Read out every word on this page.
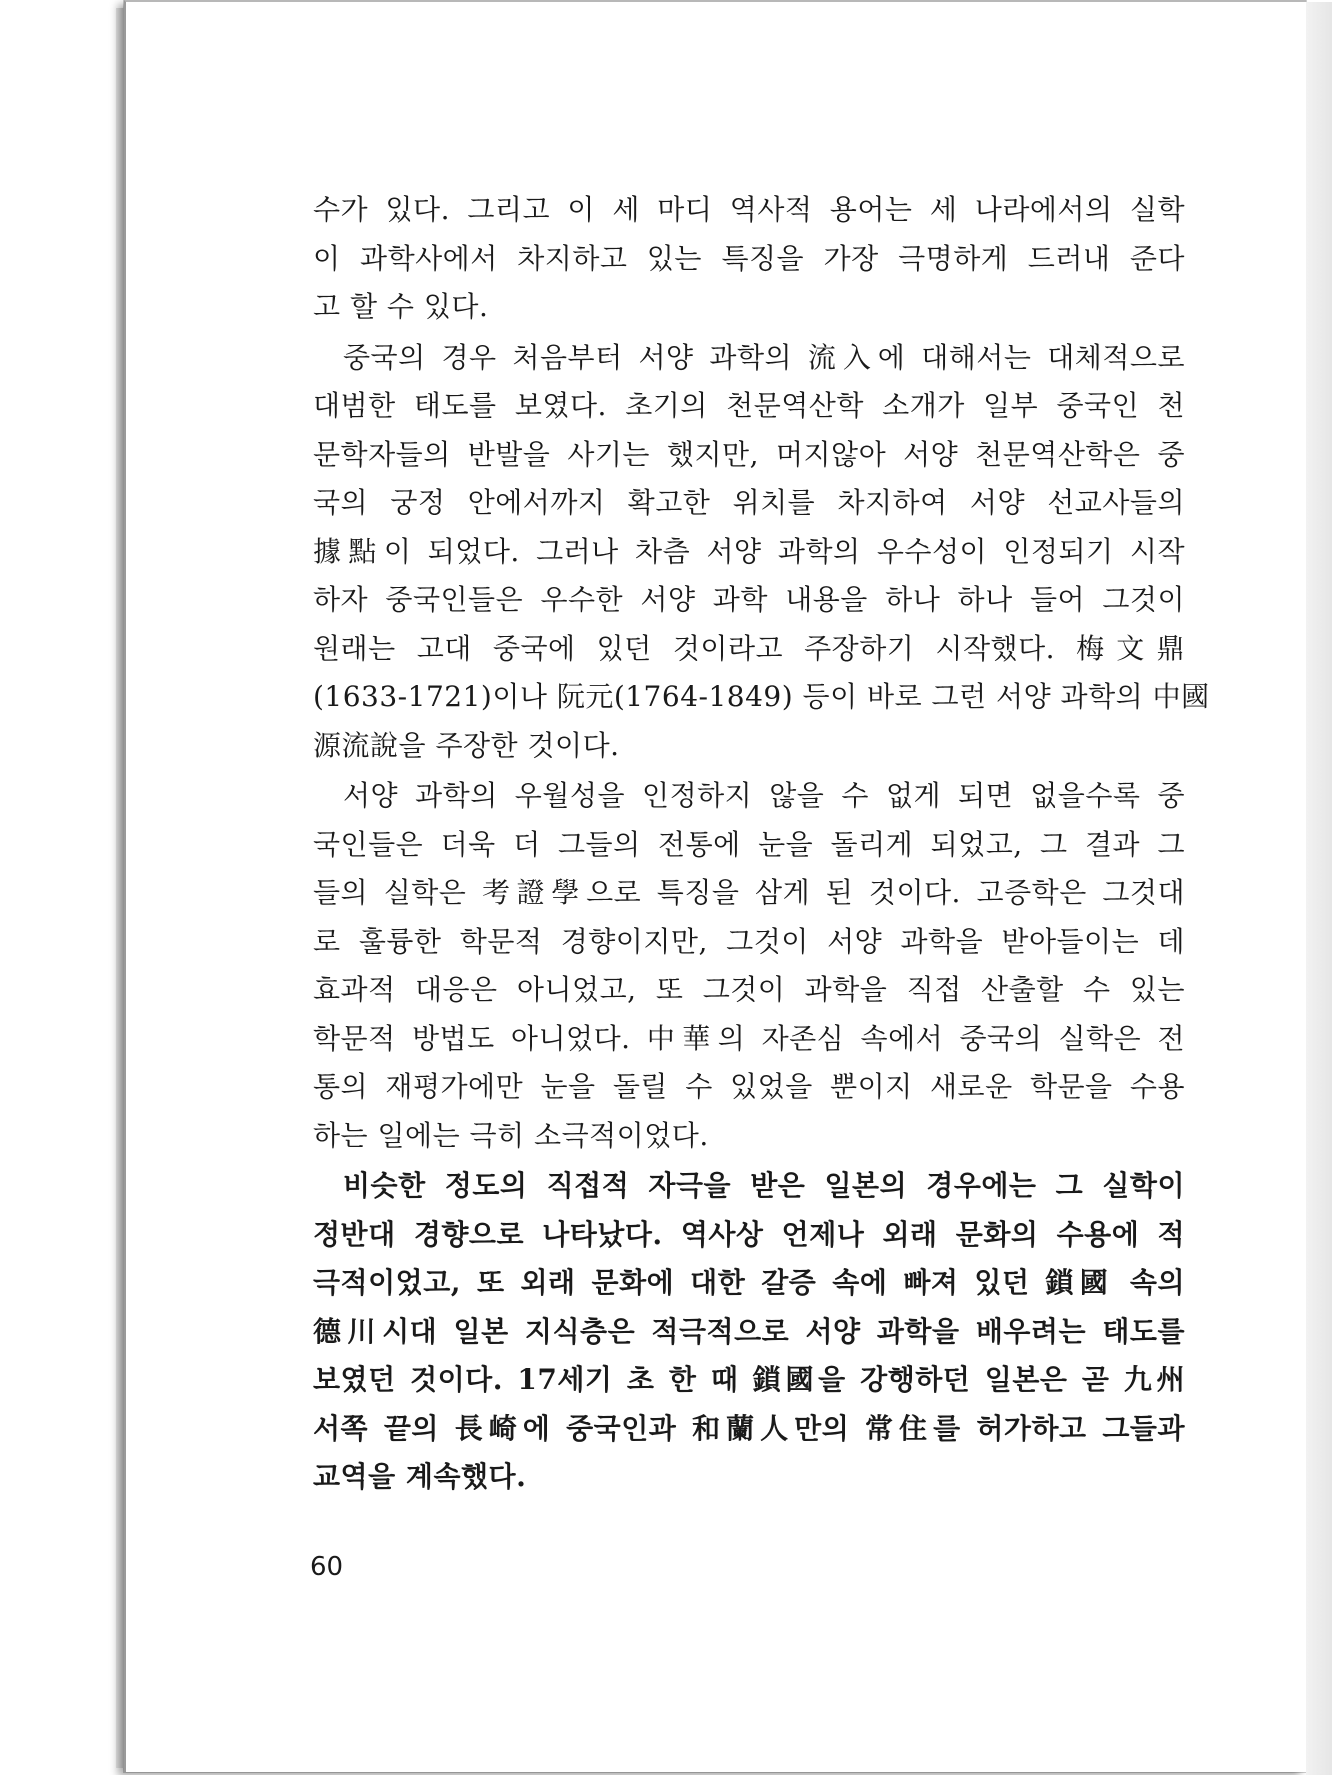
수가 있다. 그리고 이 세 마디 역사적 용어는 세 나라에서의 실학
이 과학사에서 차지하고 있는 특징을 가장 극명하게 드러내 준다
고 할 수 있다.
중국의 경우 처음부터 서양 과학의 流入에 대해서는 대체적으로
대범한 태도를 보였다. 초기의 천문역산학 소개가 일부 중국인 천
문학자들의 반발을 사기는 했지만, 머지않아 서양 천문역산학은 중
국의 궁정 안에서까지 확고한 위치를 차지하여 서양 선교사들의
據點이 되었다. 그러나 차츰 서양 과학의 우수성이 인정되기 시작
하자 중국인들은 우수한 서양 과학 내용을 하나 하나 들어 그것이
원래는 고대 중국에 있던 것이라고 주장하기 시작했다. 梅文鼎
(1633-1721)이나 阮元(1764-1849) 등이 바로 그런 서양 과학의 中國
源流說을 주장한 것이다.
서양 과학의 우월성을 인정하지 않을 수 없게 되면 없을수록 중
국인들은 더욱 더 그들의 전통에 눈을 돌리게 되었고, 그 결과 그
들의 실학은 考證學으로 특징을 삼게 된 것이다. 고증학은 그것대
로 훌륭한 학문적 경향이지만, 그것이 서양 과학을 받아들이는 데
효과적 대응은 아니었고, 또 그것이 과학을 직접 산출할 수 있는
학문적 방법도 아니었다. 中華의 자존심 속에서 중국의 실학은 전
통의 재평가에만 눈을 돌릴 수 있었을 뿐이지 새로운 학문을 수용
하는 일에는 극히 소극적이었다.
비슷한 정도의 직접적 자극을 받은 일본의 경우에는 그 실학이
정반대 경향으로 나타났다. 역사상 언제나 외래 문화의 수용에 적
극적이었고, 또 외래 문화에 대한 갈증 속에 빠져 있던 鎖國 속의
德川시대 일본 지식층은 적극적으로 서양 과학을 배우려는 태도를
보였던 것이다. 17세기 초 한 때 鎖國을 강행하던 일본은 곧 九州
서쪽 끝의 長崎에 중국인과 和蘭人만의 常住를 허가하고 그들과
교역을 계속했다.
60
